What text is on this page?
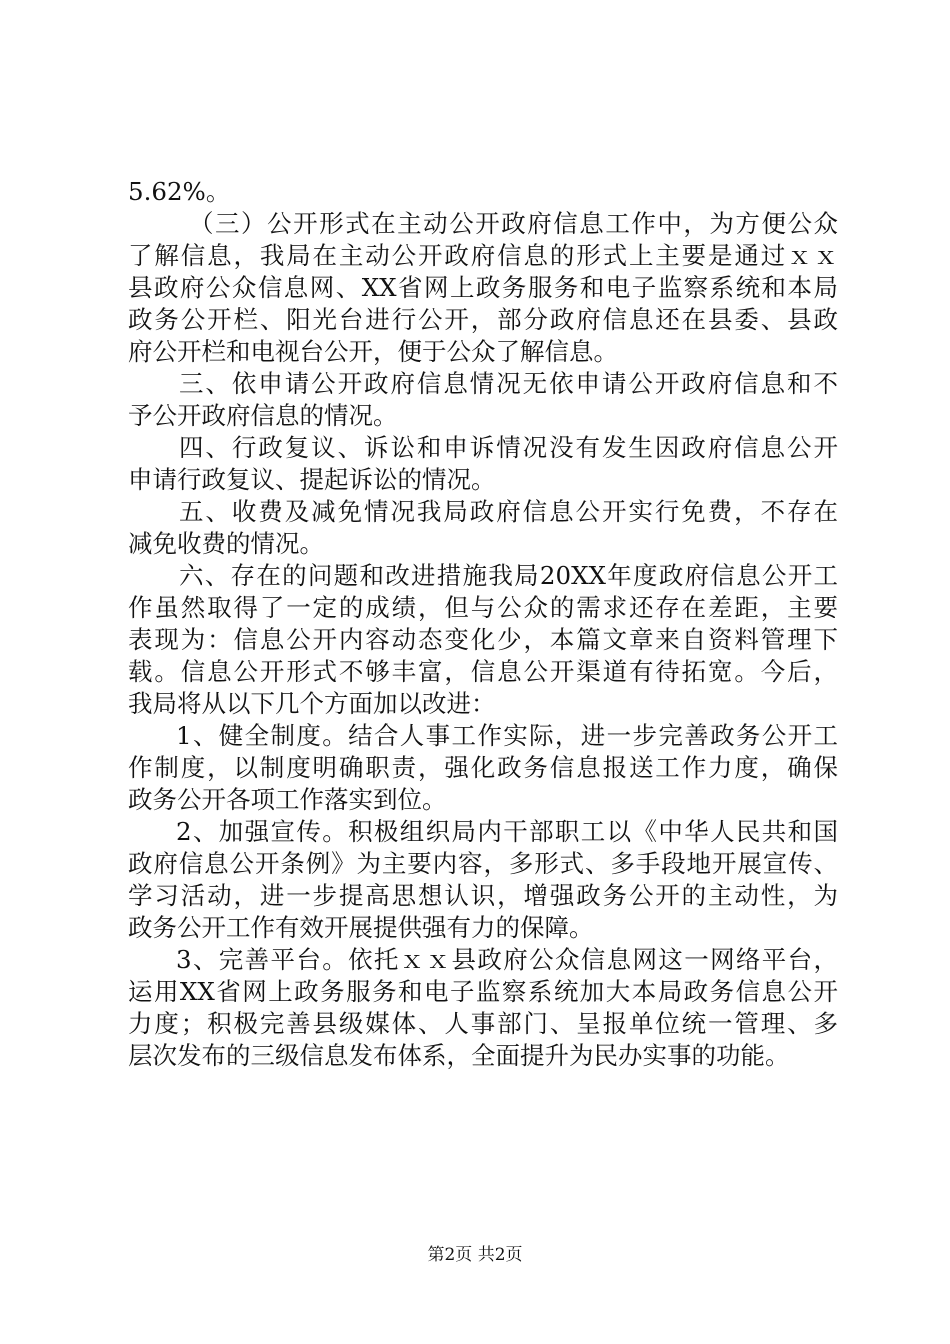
5.62%。
（三）公开形式在主动公开政府信息工作中，为方便公众
了解信息，我局在主动公开政府信息的形式上主要是通过ｘｘ
县政府公众信息网、XX省网上政务服务和电子监察系统和本局
政务公开栏、阳光台进行公开，部分政府信息还在县委、县政
府公开栏和电视台公开，便于公众了解信息。
三、依申请公开政府信息情况无依申请公开政府信息和不
予公开政府信息的情况。
四、行政复议、诉讼和申诉情况没有发生因政府信息公开
申请行政复议、提起诉讼的情况。
五、收费及减免情况我局政府信息公开实行免费，不存在
减免收费的情况。
六、存在的问题和改进措施我局20XX年度政府信息公开工
作虽然取得了一定的成绩，但与公众的需求还存在差距，主要
表现为：信息公开内容动态变化少，本篇文章来自资料管理下
载。信息公开形式不够丰富，信息公开渠道有待拓宽。今后，
我局将从以下几个方面加以改进：
1、健全制度。结合人事工作实际，进一步完善政务公开工
作制度，以制度明确职责，强化政务信息报送工作力度，确保
政务公开各项工作落实到位。
2、加强宣传。积极组织局内干部职工以《中华人民共和国
政府信息公开条例》为主要内容，多形式、多手段地开展宣传、
学习活动，进一步提高思想认识，增强政务公开的主动性，为
政务公开工作有效开展提供强有力的保障。
3、完善平台。依托ｘｘ县政府公众信息网这一网络平台，
运用XX省网上政务服务和电子监察系统加大本局政务信息公开
力度；积极完善县级媒体、人事部门、呈报单位统一管理、多
层次发布的三级信息发布体系，全面提升为民办实事的功能。
第2页 共2页
